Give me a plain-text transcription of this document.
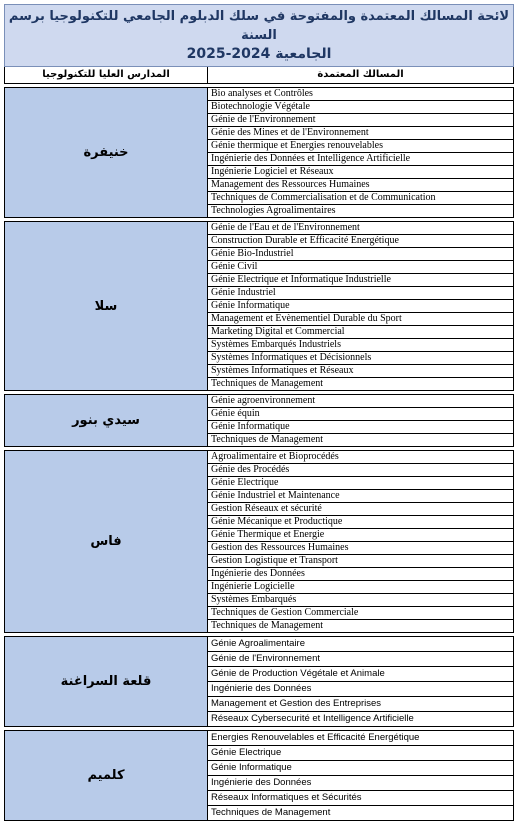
لائحة المسالك المعتمدة والمفتوحة في سلك الدبلوم الجامعي للتكنولوجيا برسم السنة
الجامعية 2024-2025
المدارس العليا للتكنولوجيا	المسالك المعتمدة
خنيفرة
Bio analyses et Contrôles
Biotechnologie Végétale
Génie de l'Environnement
Génie des Mines et de l'Environnement
Génie thermique et Energies renouvelables
Ingénierie des Données et Intelligence Artificielle
Ingénierie Logiciel et Réseaux
Management des Ressources Humaines
Techniques de Commercialisation et de Communication
Technologies Agroalimentaires
سلا
Génie de l'Eau et de l'Environnement
Construction Durable et Efficacité Energétique
Génie Bio-Industriel
Génie Civil
Génie Electrique et Informatique Industrielle
Génie Industriel
Génie Informatique
Management et Evènementiel Durable du Sport
Marketing Digital et Commercial
Systèmes Embarqués Industriels
Systèmes Informatiques et Décisionnels
Systèmes Informatiques et Réseaux
Techniques de Management
سيدي بنور
Génie agroenvironnement
Génie équin
Génie Informatique
Techniques de Management
فاس
Agroalimentaire et Bioprocédés
Génie des Procédés
Génie Electrique
Génie Industriel et Maintenance
Gestion Réseaux et sécurité
Génie Mécanique et Productique
Génie Thermique et Energie
Gestion des Ressources Humaines
Gestion Logistique et Transport
Ingénierie des Données
Ingénierie Logicielle
Systèmes Embarqués
Techniques de Gestion Commerciale
Techniques de Management
قلعة السراغنة
Génie Agroalimentaire
Génie de l'Environnement
Génie de Production Végétale et Animale
Ingénierie des Données
Management et Gestion des Entreprises
Réseaux Cybersecurité et Intelligence Artificielle
كلميم
Energies Renouvelables et Efficacité Energétique
Génie Electrique
Génie Informatique
Ingénierie des Données
Réseaux Informatiques et Sécurités
Techniques de Management
